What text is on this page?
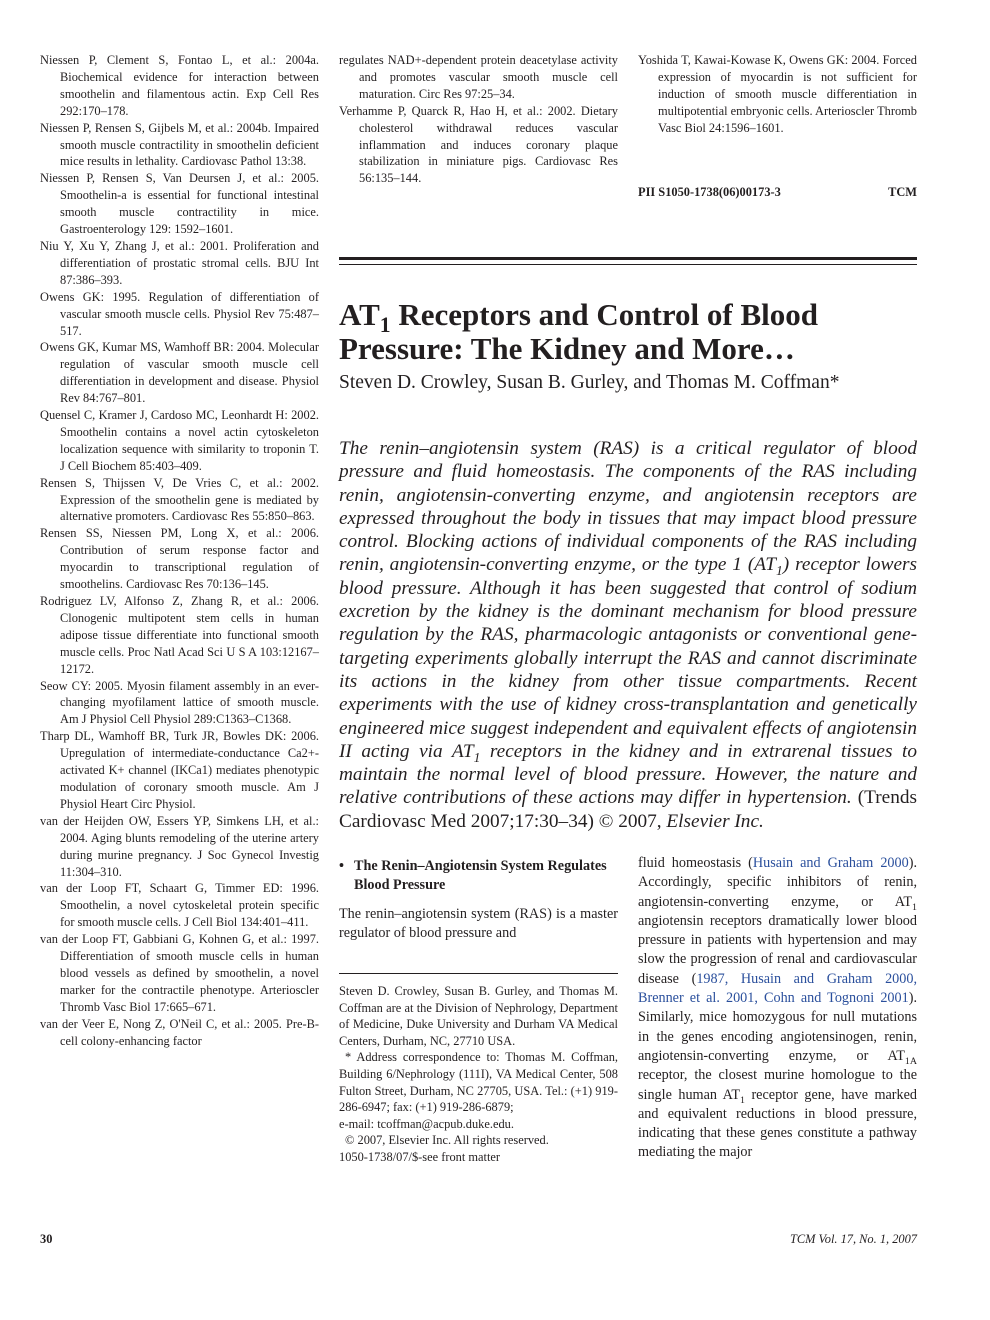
Niessen P, Clement S, Fontao L, et al.: 2004a. Biochemical evidence for interaction between smoothelin and filamentous actin. Exp Cell Res 292:170–178.

Niessen P, Rensen S, Gijbels M, et al.: 2004b. Impaired smooth muscle contractility in smoothelin deficient mice results in lethality. Cardiovasc Pathol 13:38.

Niessen P, Rensen S, Van Deursen J, et al.: 2005. Smoothelin-a is essential for functional intestinal smooth muscle contractility in mice. Gastroenterology 129: 1592–1601.

Niu Y, Xu Y, Zhang J, et al.: 2001. Proliferation and differentiation of prostatic stromal cells. BJU Int 87:386–393.

Owens GK: 1995. Regulation of differentiation of vascular smooth muscle cells. Physiol Rev 75:487–517.

Owens GK, Kumar MS, Wamhoff BR: 2004. Molecular regulation of vascular smooth muscle cell differentiation in development and disease. Physiol Rev 84:767–801.

Quensel C, Kramer J, Cardoso MC, Leonhardt H: 2002. Smoothelin contains a novel actin cytoskeleton localization sequence with similarity to troponin T. J Cell Biochem 85:403–409.

Rensen S, Thijssen V, De Vries C, et al.: 2002. Expression of the smoothelin gene is mediated by alternative promoters. Cardiovasc Res 55:850–863.

Rensen SS, Niessen PM, Long X, et al.: 2006. Contribution of serum response factor and myocardin to transcriptional regulation of smoothelins. Cardiovasc Res 70:136–145.

Rodriguez LV, Alfonso Z, Zhang R, et al.: 2006. Clonogenic multipotent stem cells in human adipose tissue differentiate into functional smooth muscle cells. Proc Natl Acad Sci U S A 103:12167–12172.

Seow CY: 2005. Myosin filament assembly in an ever-changing myofilament lattice of smooth muscle. Am J Physiol Cell Physiol 289:C1363–C1368.

Tharp DL, Wamhoff BR, Turk JR, Bowles DK: 2006. Upregulation of intermediate-conductance Ca2+-activated K+ channel (IKCa1) mediates phenotypic modulation of coronary smooth muscle. Am J Physiol Heart Circ Physiol.

van der Heijden OW, Essers YP, Simkens LH, et al.: 2004. Aging blunts remodeling of the uterine artery during murine pregnancy. J Soc Gynecol Investig 11:304–310.

van der Loop FT, Schaart G, Timmer ED: 1996. Smoothelin, a novel cytoskeletal protein specific for smooth muscle cells. J Cell Biol 134:401–411.

van der Loop FT, Gabbiani G, Kohnen G, et al.: 1997. Differentiation of smooth muscle cells in human blood vessels as defined by smoothelin, a novel marker for the contractile phenotype. Arterioscler Thromb Vasc Biol 17:665–671.

van der Veer E, Nong Z, O'Neil C, et al.: 2005. Pre-B-cell colony-enhancing factor

regulates NAD+-dependent protein deacetylase activity and promotes vascular smooth muscle cell maturation. Circ Res 97:25–34.

Verhamme P, Quarck R, Hao H, et al.: 2002. Dietary cholesterol withdrawal reduces vascular inflammation and induces coronary plaque stabilization in miniature pigs. Cardiovasc Res 56:135–144.

Yoshida T, Kawai-Kowase K, Owens GK: 2004. Forced expression of myocardin is not sufficient for induction of smooth muscle differentiation in multipotential embryonic cells. Arterioscler Thromb Vasc Biol 24:1596–1601.

PII S1050-1738(06)00173-3	TCM
$AT_1$ Receptors and Control of Blood
Pressure: The Kidney and More…

Steven D. Crowley, Susan B. Gurley, and Thomas M. Coffman*

The renin–angiotensin system (RAS) is a critical regulator of blood pressure and fluid homeostasis. The components of the RAS including renin, angiotensin-converting enzyme, and angiotensin receptors are expressed throughout the body in tissues that may impact blood pressure control. Blocking actions of individual components of the RAS including renin, angiotensin-converting enzyme, or the type 1 $(AT_1)$ receptor lowers blood pressure. Although it has been suggested that control of sodium excretion by the kidney is the dominant mechanism for blood pressure regulation by the RAS, pharmacologic antagonists or conventional gene-targeting experiments globally interrupt the RAS and cannot discriminate its actions in the kidney from other tissue compartments. Recent experiments with the use of kidney cross-transplantation and genetically engineered mice suggest independent and equivalent effects of angiotensin II acting via $AT_1$ receptors in the kidney and in extrarenal tissues to maintain the normal level of blood pressure. However, the nature and relative contributions of these actions may differ in hypertension. (Trends Cardiovasc Med 2007;17:30–34) © 2007, Elsevier Inc.

• The Renin–Angiotensin System Regulates Blood Pressure

The renin–angiotensin system (RAS) is a master regulator of blood pressure and

Steven D. Crowley, Susan B. Gurley, and Thomas M. Coffman are at the Division of Nephrology, Department of Medicine, Duke University and Durham VA Medical Centers, Durham, NC, 27710 USA.

* Address correspondence to: Thomas M. Coffman, Building 6/Nephrology (111I), VA Medical Center, 508 Fulton Street, Durham, NC 27705, USA. Tel.: (+1) 919-286-6947; fax: (+1) 919-286-6879;

e-mail: tcoffman@acpub.duke.edu.

© 2007, Elsevier Inc. All rights reserved.

1050-1738/07/$-see front matter

fluid homeostasis (Husain and Graham 2000). Accordingly, specific inhibitors of renin, angiotensin-converting enzyme, or $AT_1$ angiotensin receptors dramatically lower blood pressure in patients with hypertension and may slow the progression of renal and cardiovascular disease (1987, Husain and Graham 2000, Brenner et al. 2001, Cohn and Tognoni 2001). Similarly, mice homozygous for null mutations in the genes encoding angiotensinogen, renin, angiotensin-converting enzyme, or $AT_{1A}$ receptor, the closest murine homologue to the single human $AT_1$ receptor gene, have marked and equivalent reductions in blood pressure, indicating that these genes constitute a pathway mediating the major

30	TCM Vol. 17, No. 1, 2007
